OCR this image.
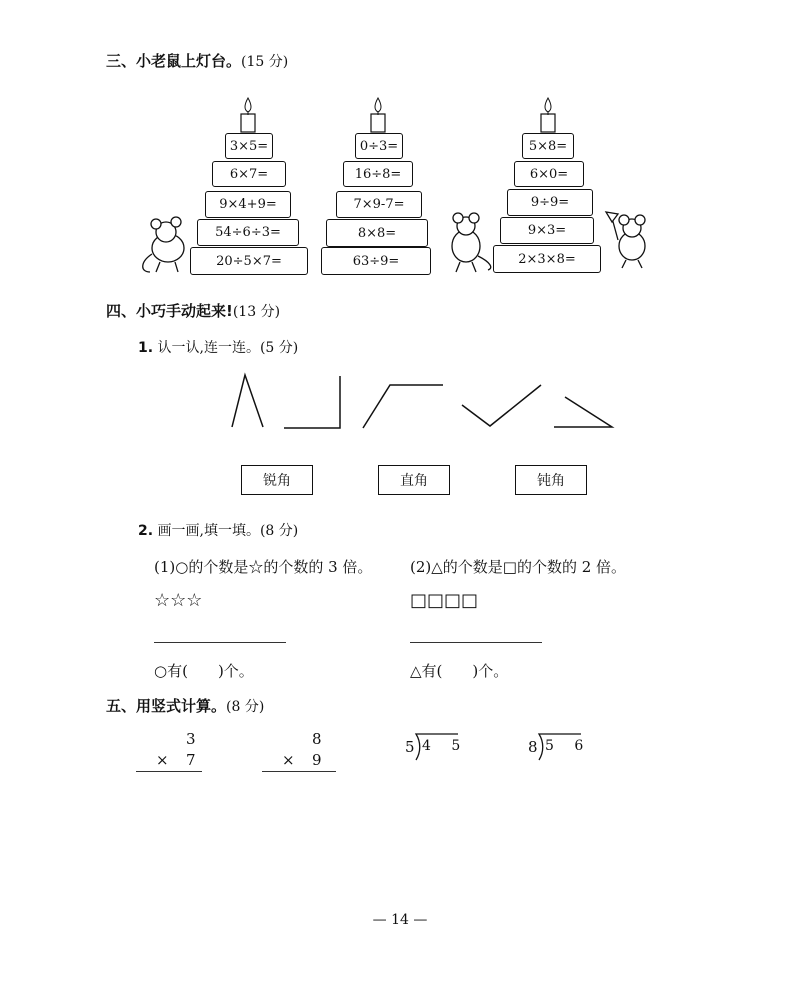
三、小老鼠上灯台。(15 分)
3×5=
6×7=
9×4+9=
54÷6÷3=
20÷5×7=
0÷3=
16÷8=
7×9-7=
8×8=
63÷9=
5×8=
6×0=
9÷9=
9×3=
2×3×8=
四、小巧手动起来!(13 分)
1. 认一认,连一连。(5 分)
锐角	直角	钝角
2. 画一画,填一填。(8 分)
(1)○的个数是☆的个数的 3 倍。	(2)△的个数是□的个数的 2 倍。
☆☆☆	□□□□
○有(　　)个。	△有(　　)个。
五、用竖式计算。(8 分)
3
× 7
8
× 9
5 4 5	8 5 6
— 14 —
